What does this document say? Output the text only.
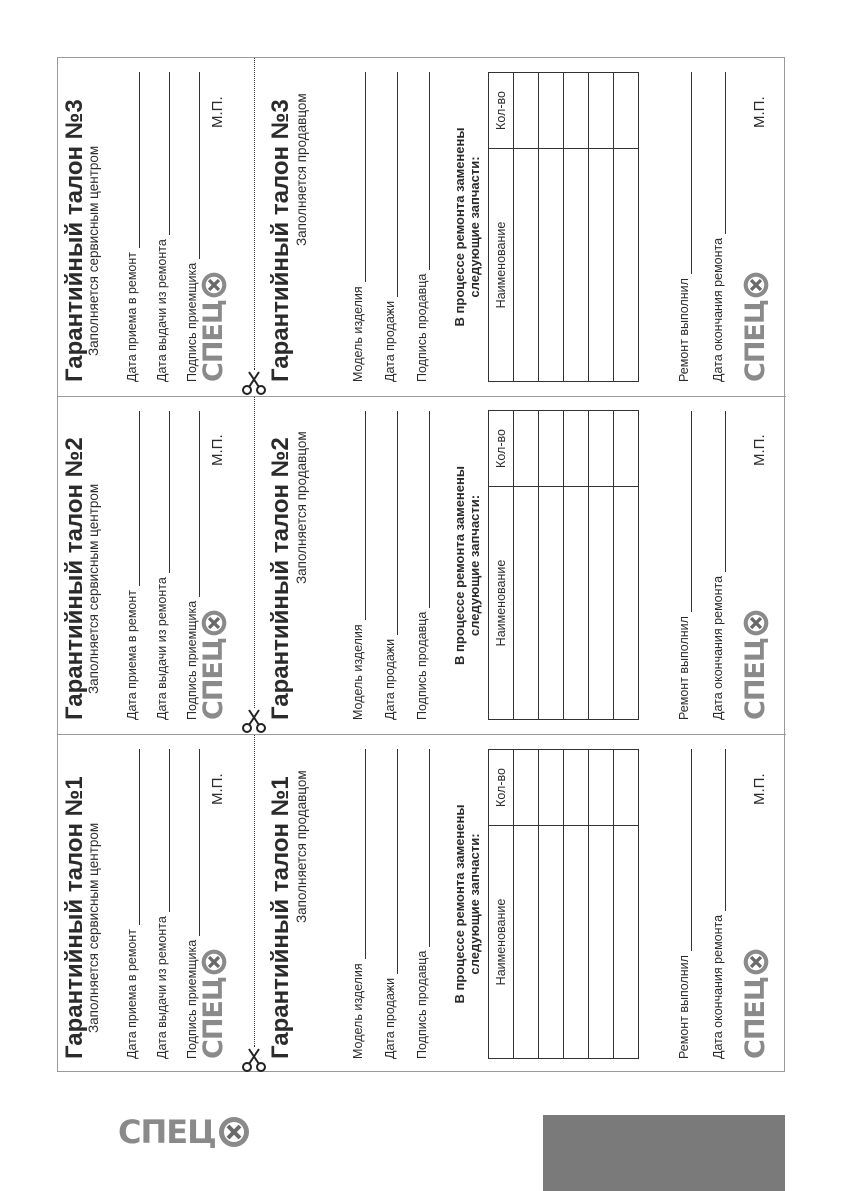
Гарантийный талон №1
Заполняется сервисным центром Дата приема в ремонт Дата выдачи из ремонта Подпись приемщика СПЕЦ
М.П. Гарантийный талон №1 Заполняется продавцом
Модель изделия Дата продажи Подпись продавца
В процессе ремонта заменены следующие запчасти: Наименование	Кол-во

Ремонт выполнил Дата окончания ремонта СПЕЦ
М.П.
Гарантийный талон №2
Заполняется сервисным центром Дата приема в ремонт Дата выдачи из ремонта Подпись приемщика СПЕЦ
М.П. Гарантийный талон №2 Заполняется продавцом
Модель изделия Дата продажи Подпись продавца
В процессе ремонта заменены следующие запчасти: Наименование	Кол-во

Ремонт выполнил Дата окончания ремонта СПЕЦ
М.П.
Гарантийный талон №3
Заполняется сервисным центром Дата приема в ремонт Дата выдачи из ремонта Подпись приемщика СПЕЦ
М.П. Гарантийный талон №3 Заполняется продавцом
Модель изделия Дата продажи Подпись продавца
В процессе ремонта заменены следующие запчасти: Наименование	Кол-во

Ремонт выполнил Дата окончания ремонта СПЕЦ
М.П.
СПЕЦ
